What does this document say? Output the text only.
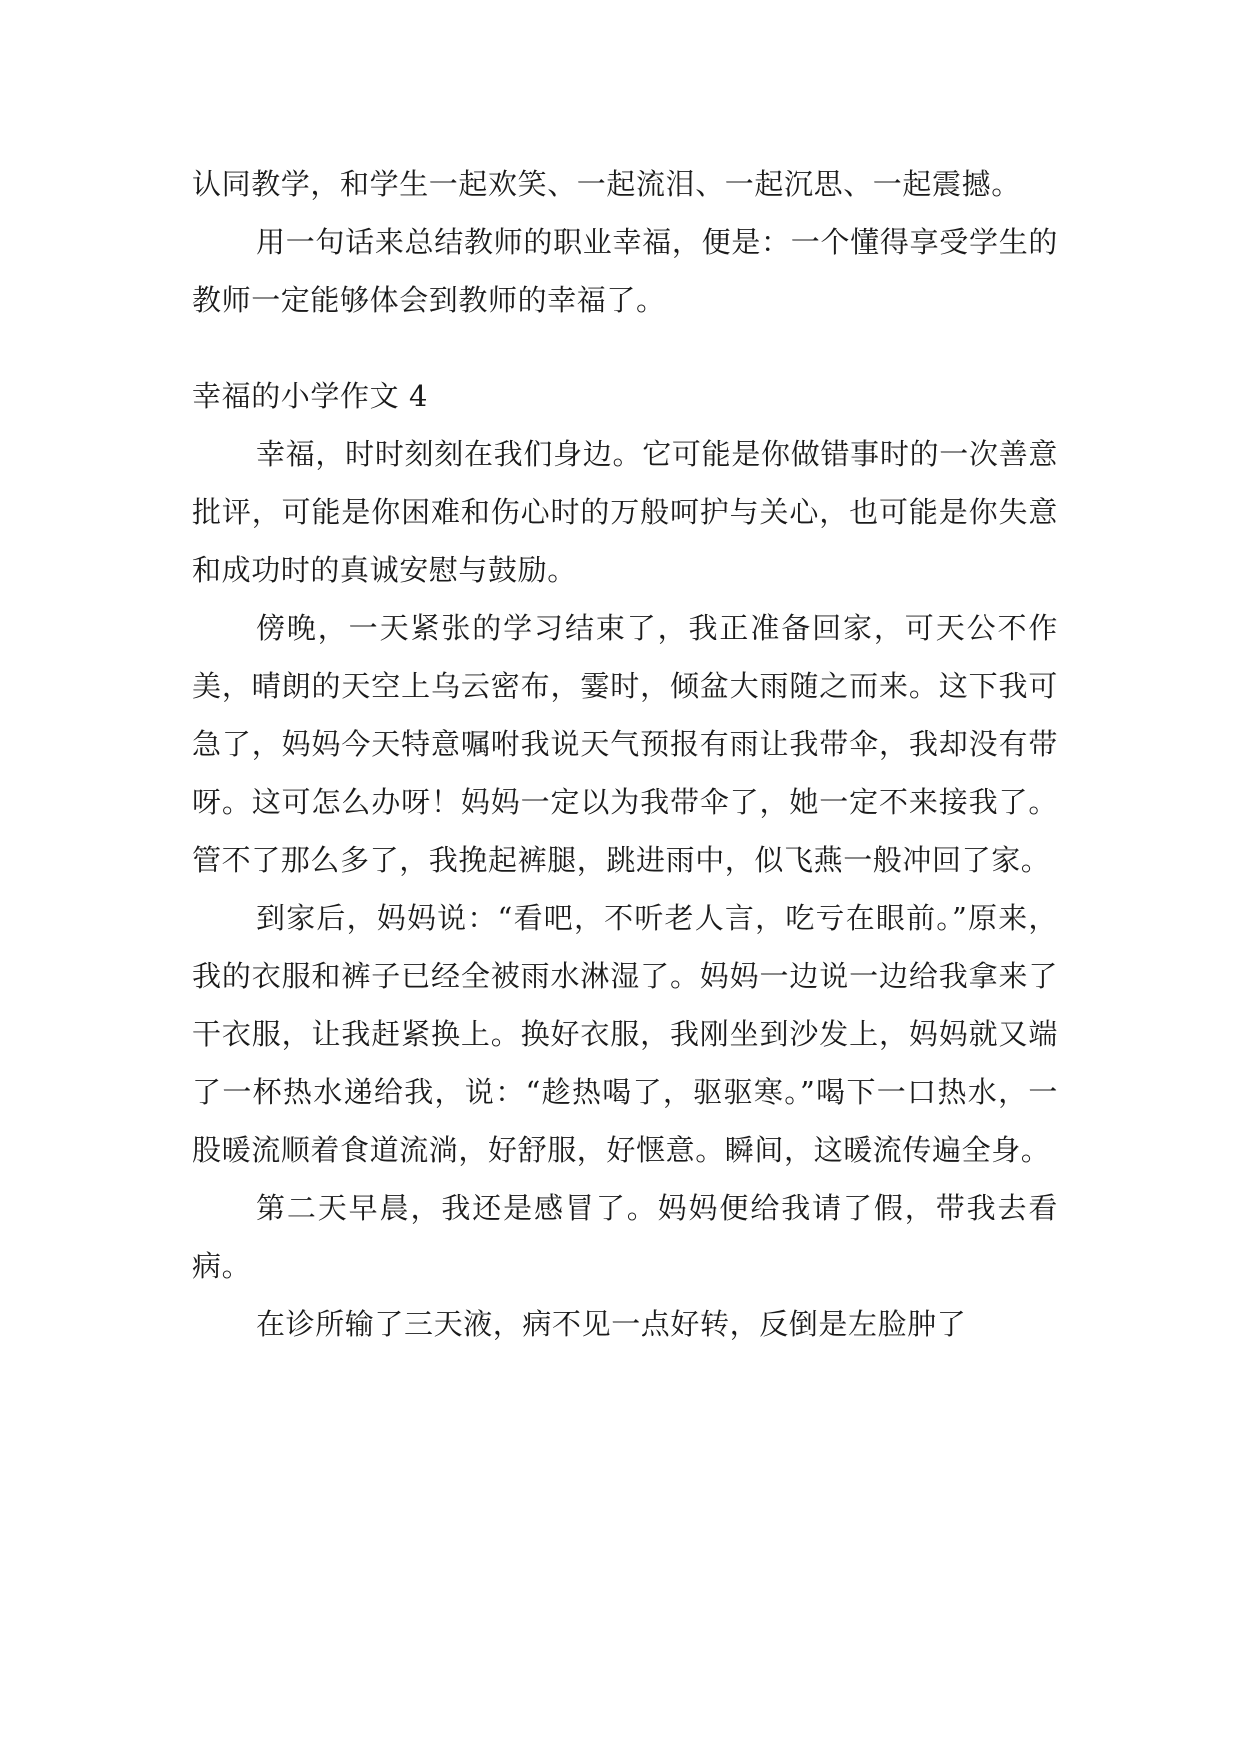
认同教学，和学生一起欢笑、一起流泪、一起沉思、一起震撼。

用一句话来总结教师的职业幸福，便是：一个懂得享受学生的教师一定能够体会到教师的幸福了。

幸福的小学作文 4

幸福，时时刻刻在我们身边。它可能是你做错事时的一次善意批评，可能是你困难和伤心时的万般呵护与关心，也可能是你失意和成功时的真诚安慰与鼓励。

傍晚，一天紧张的学习结束了，我正准备回家，可天公不作美，晴朗的天空上乌云密布，霎时，倾盆大雨随之而来。这下我可急了，妈妈今天特意嘱咐我说天气预报有雨让我带伞，我却没有带呀。这可怎么办呀！妈妈一定以为我带伞了，她一定不来接我了。管不了那么多了，我挽起裤腿，跳进雨中，似飞燕一般冲回了家。

到家后，妈妈说：“看吧，不听老人言，吃亏在眼前。”原来，我的衣服和裤子已经全被雨水淋湿了。妈妈一边说一边给我拿来了干衣服，让我赶紧换上。换好衣服，我刚坐到沙发上，妈妈就又端了一杯热水递给我，说：“趁热喝了，驱驱寒。”喝下一口热水，一股暖流顺着食道流淌，好舒服，好惬意。瞬间，这暖流传遍全身。

第二天早晨，我还是感冒了。妈妈便给我请了假，带我去看病。

在诊所输了三天液，病不见一点好转，反倒是左脸肿了
